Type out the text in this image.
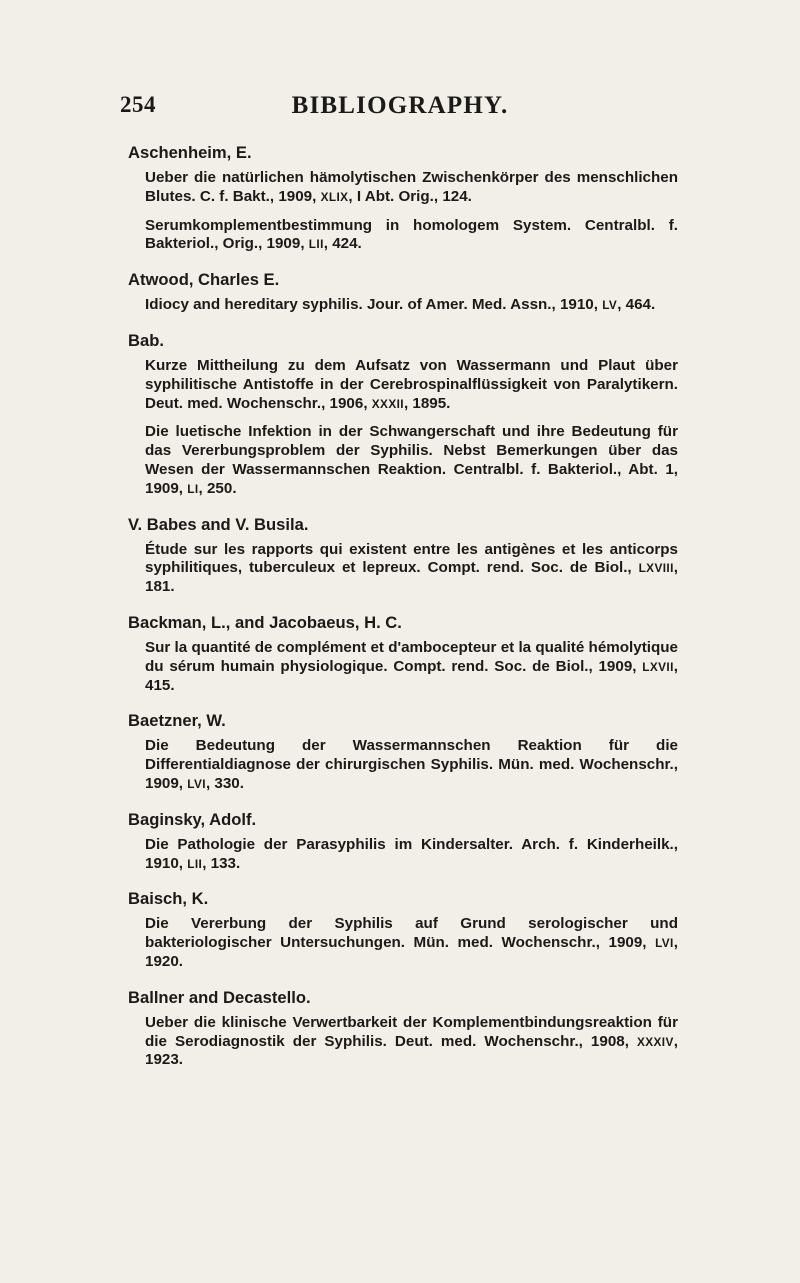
254	BIBLIOGRAPHY.
Aschenheim, E.
Ueber die natürlichen hämolytischen Zwischenkörper des menschlichen Blutes. C. f. Bakt., 1909, XLIX, I Abt. Orig., 124.
Serumkomplementbestimmung in homologem System. Centralbl. f. Bakteriol., Orig., 1909, LII, 424.
Atwood, Charles E.
Idiocy and hereditary syphilis. Jour. of Amer. Med. Assn., 1910, LV, 464.
Bab.
Kurze Mittheilung zu dem Aufsatz von Wassermann und Plaut über syphilitische Antistoffe in der Cerebrospinalflüssigkeit von Paralytikern. Deut. med. Wochenschr., 1906, XXXII, 1895.
Die luetische Infektion in der Schwangerschaft und ihre Bedeutung für das Vererbungsproblem der Syphilis. Nebst Bemerkungen über das Wesen der Wassermannschen Reaktion. Centralbl. f. Bakteriol., Abt. 1, 1909, LI, 250.
V. Babes and V. Busila.
Étude sur les rapports qui existent entre les antigènes et les anticorps syphilitiques, tuberculeux et lepreux. Compt. rend. Soc. de Biol., LXVIII, 181.
Backman, L., and Jacobaeus, H. C.
Sur la quantité de complément et d'ambocepteur et la qualité hémolytique du sérum humain physiologique. Compt. rend. Soc. de Biol., 1909, LXVII, 415.
Baetzner, W.
Die Bedeutung der Wassermannschen Reaktion für die Differentialdiagnose der chirurgischen Syphilis. Mün. med. Wochenschr., 1909, LVI, 330.
Baginsky, Adolf.
Die Pathologie der Parasyphilis im Kindersalter. Arch. f. Kinderheilk., 1910, LII, 133.
Baisch, K.
Die Vererbung der Syphilis auf Grund serologischer und bakteriologischer Untersuchungen. Mün. med. Wochenschr., 1909, LVI, 1920.
Ballner and Decastello.
Ueber die klinische Verwertbarkeit der Komplementbindungsreaktion für die Serodiagnostik der Syphilis. Deut. med. Wochenschr., 1908, XXXIV, 1923.
